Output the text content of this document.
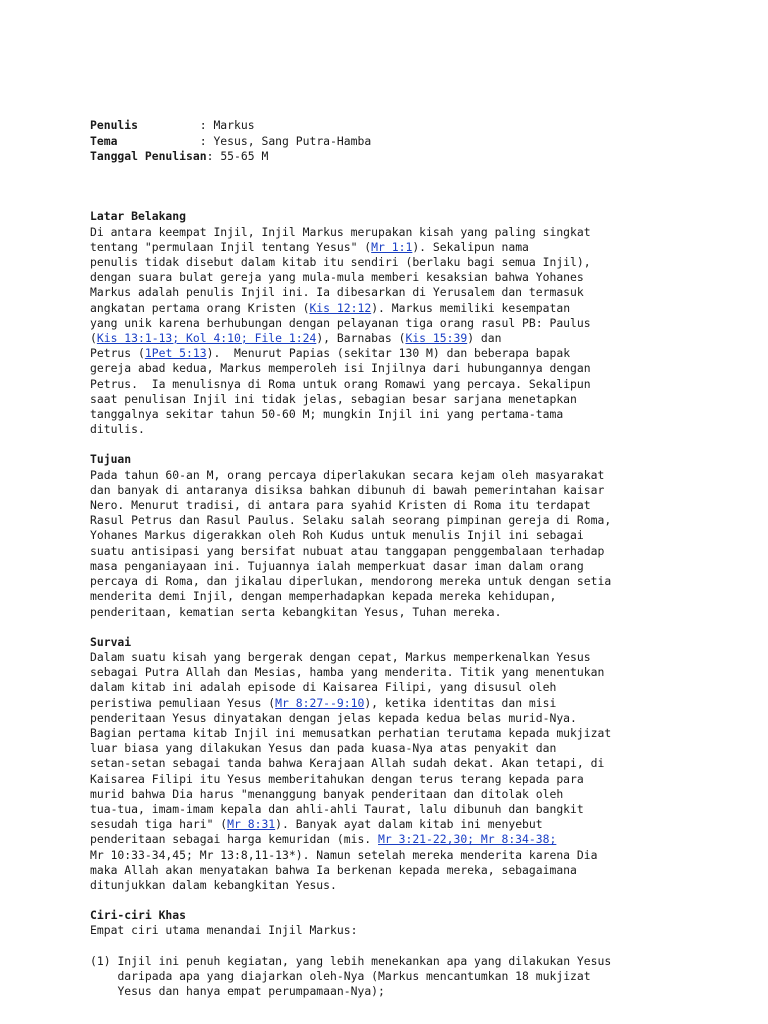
Penulis         : Markus
Tema            : Yesus, Sang Putra-Hamba
Tanggal Penulisan: 55-65 M

Latar Belakang
Di antara keempat Injil, Injil Markus merupakan kisah yang paling singkat
tentang "permulaan Injil tentang Yesus" (Mr 1:1). Sekalipun nama
penulis tidak disebut dalam kitab itu sendiri (berlaku bagi semua Injil),
dengan suara bulat gereja yang mula-mula memberi kesaksian bahwa Yohanes
Markus adalah penulis Injil ini. Ia dibesarkan di Yerusalem dan termasuk
angkatan pertama orang Kristen (Kis 12:12). Markus memiliki kesempatan
yang unik karena berhubungan dengan pelayanan tiga orang rasul PB: Paulus
(Kis 13:1-13; Kol 4:10; File 1:24), Barnabas (Kis 15:39) dan
Petrus (1Pet 5:13).  Menurut Papias (sekitar 130 M) dan beberapa bapak
gereja abad kedua, Markus memperoleh isi Injilnya dari hubungannya dengan
Petrus.  Ia menulisnya di Roma untuk orang Romawi yang percaya. Sekalipun
saat penulisan Injil ini tidak jelas, sebagian besar sarjana menetapkan
tanggalnya sekitar tahun 50-60 M; mungkin Injil ini yang pertama-tama
ditulis.
Tujuan
Pada tahun 60-an M, orang percaya diperlakukan secara kejam oleh masyarakat
dan banyak di antaranya disiksa bahkan dibunuh di bawah pemerintahan kaisar
Nero. Menurut tradisi, di antara para syahid Kristen di Roma itu terdapat
Rasul Petrus dan Rasul Paulus. Selaku salah seorang pimpinan gereja di Roma,
Yohanes Markus digerakkan oleh Roh Kudus untuk menulis Injil ini sebagai
suatu antisipasi yang bersifat nubuat atau tanggapan penggembalaan terhadap
masa penganiayaan ini. Tujuannya ialah memperkuat dasar iman dalam orang
percaya di Roma, dan jikalau diperlukan, mendorong mereka untuk dengan setia
menderita demi Injil, dengan memperhadapkan kepada mereka kehidupan,
penderitaan, kematian serta kebangkitan Yesus, Tuhan mereka.
Survai
Dalam suatu kisah yang bergerak dengan cepat, Markus memperkenalkan Yesus
sebagai Putra Allah dan Mesias, hamba yang menderita. Titik yang menentukan
dalam kitab ini adalah episode di Kaisarea Filipi, yang disusul oleh
peristiwa pemuliaan Yesus (Mr 8:27--9:10), ketika identitas dan misi
penderitaan Yesus dinyatakan dengan jelas kepada kedua belas murid-Nya.
Bagian pertama kitab Injil ini memusatkan perhatian terutama kepada mukjizat
luar biasa yang dilakukan Yesus dan pada kuasa-Nya atas penyakit dan
setan-setan sebagai tanda bahwa Kerajaan Allah sudah dekat. Akan tetapi, di
Kaisarea Filipi itu Yesus memberitahukan dengan terus terang kepada para
murid bahwa Dia harus "menanggung banyak penderitaan dan ditolak oleh
tua-tua, imam-imam kepala dan ahli-ahli Taurat, lalu dibunuh dan bangkit
sesudah tiga hari" (Mr 8:31). Banyak ayat dalam kitab ini menyebut
penderitaan sebagai harga kemuridan (mis. Mr 3:21-22,30; Mr 8:34-38;
Mr 10:33-34,45; Mr 13:8,11-13*). Namun setelah mereka menderita karena Dia
maka Allah akan menyatakan bahwa Ia berkenan kepada mereka, sebagaimana
ditunjukkan dalam kebangkitan Yesus.
Ciri-ciri Khas
Empat ciri utama menandai Injil Markus:
(1) Injil ini penuh kegiatan, yang lebih menekankan apa yang dilakukan Yesus
daripada apa yang diajarkan oleh-Nya (Markus mencantumkan 18 mukjizat
Yesus dan hanya empat perumpamaan-Nya);
